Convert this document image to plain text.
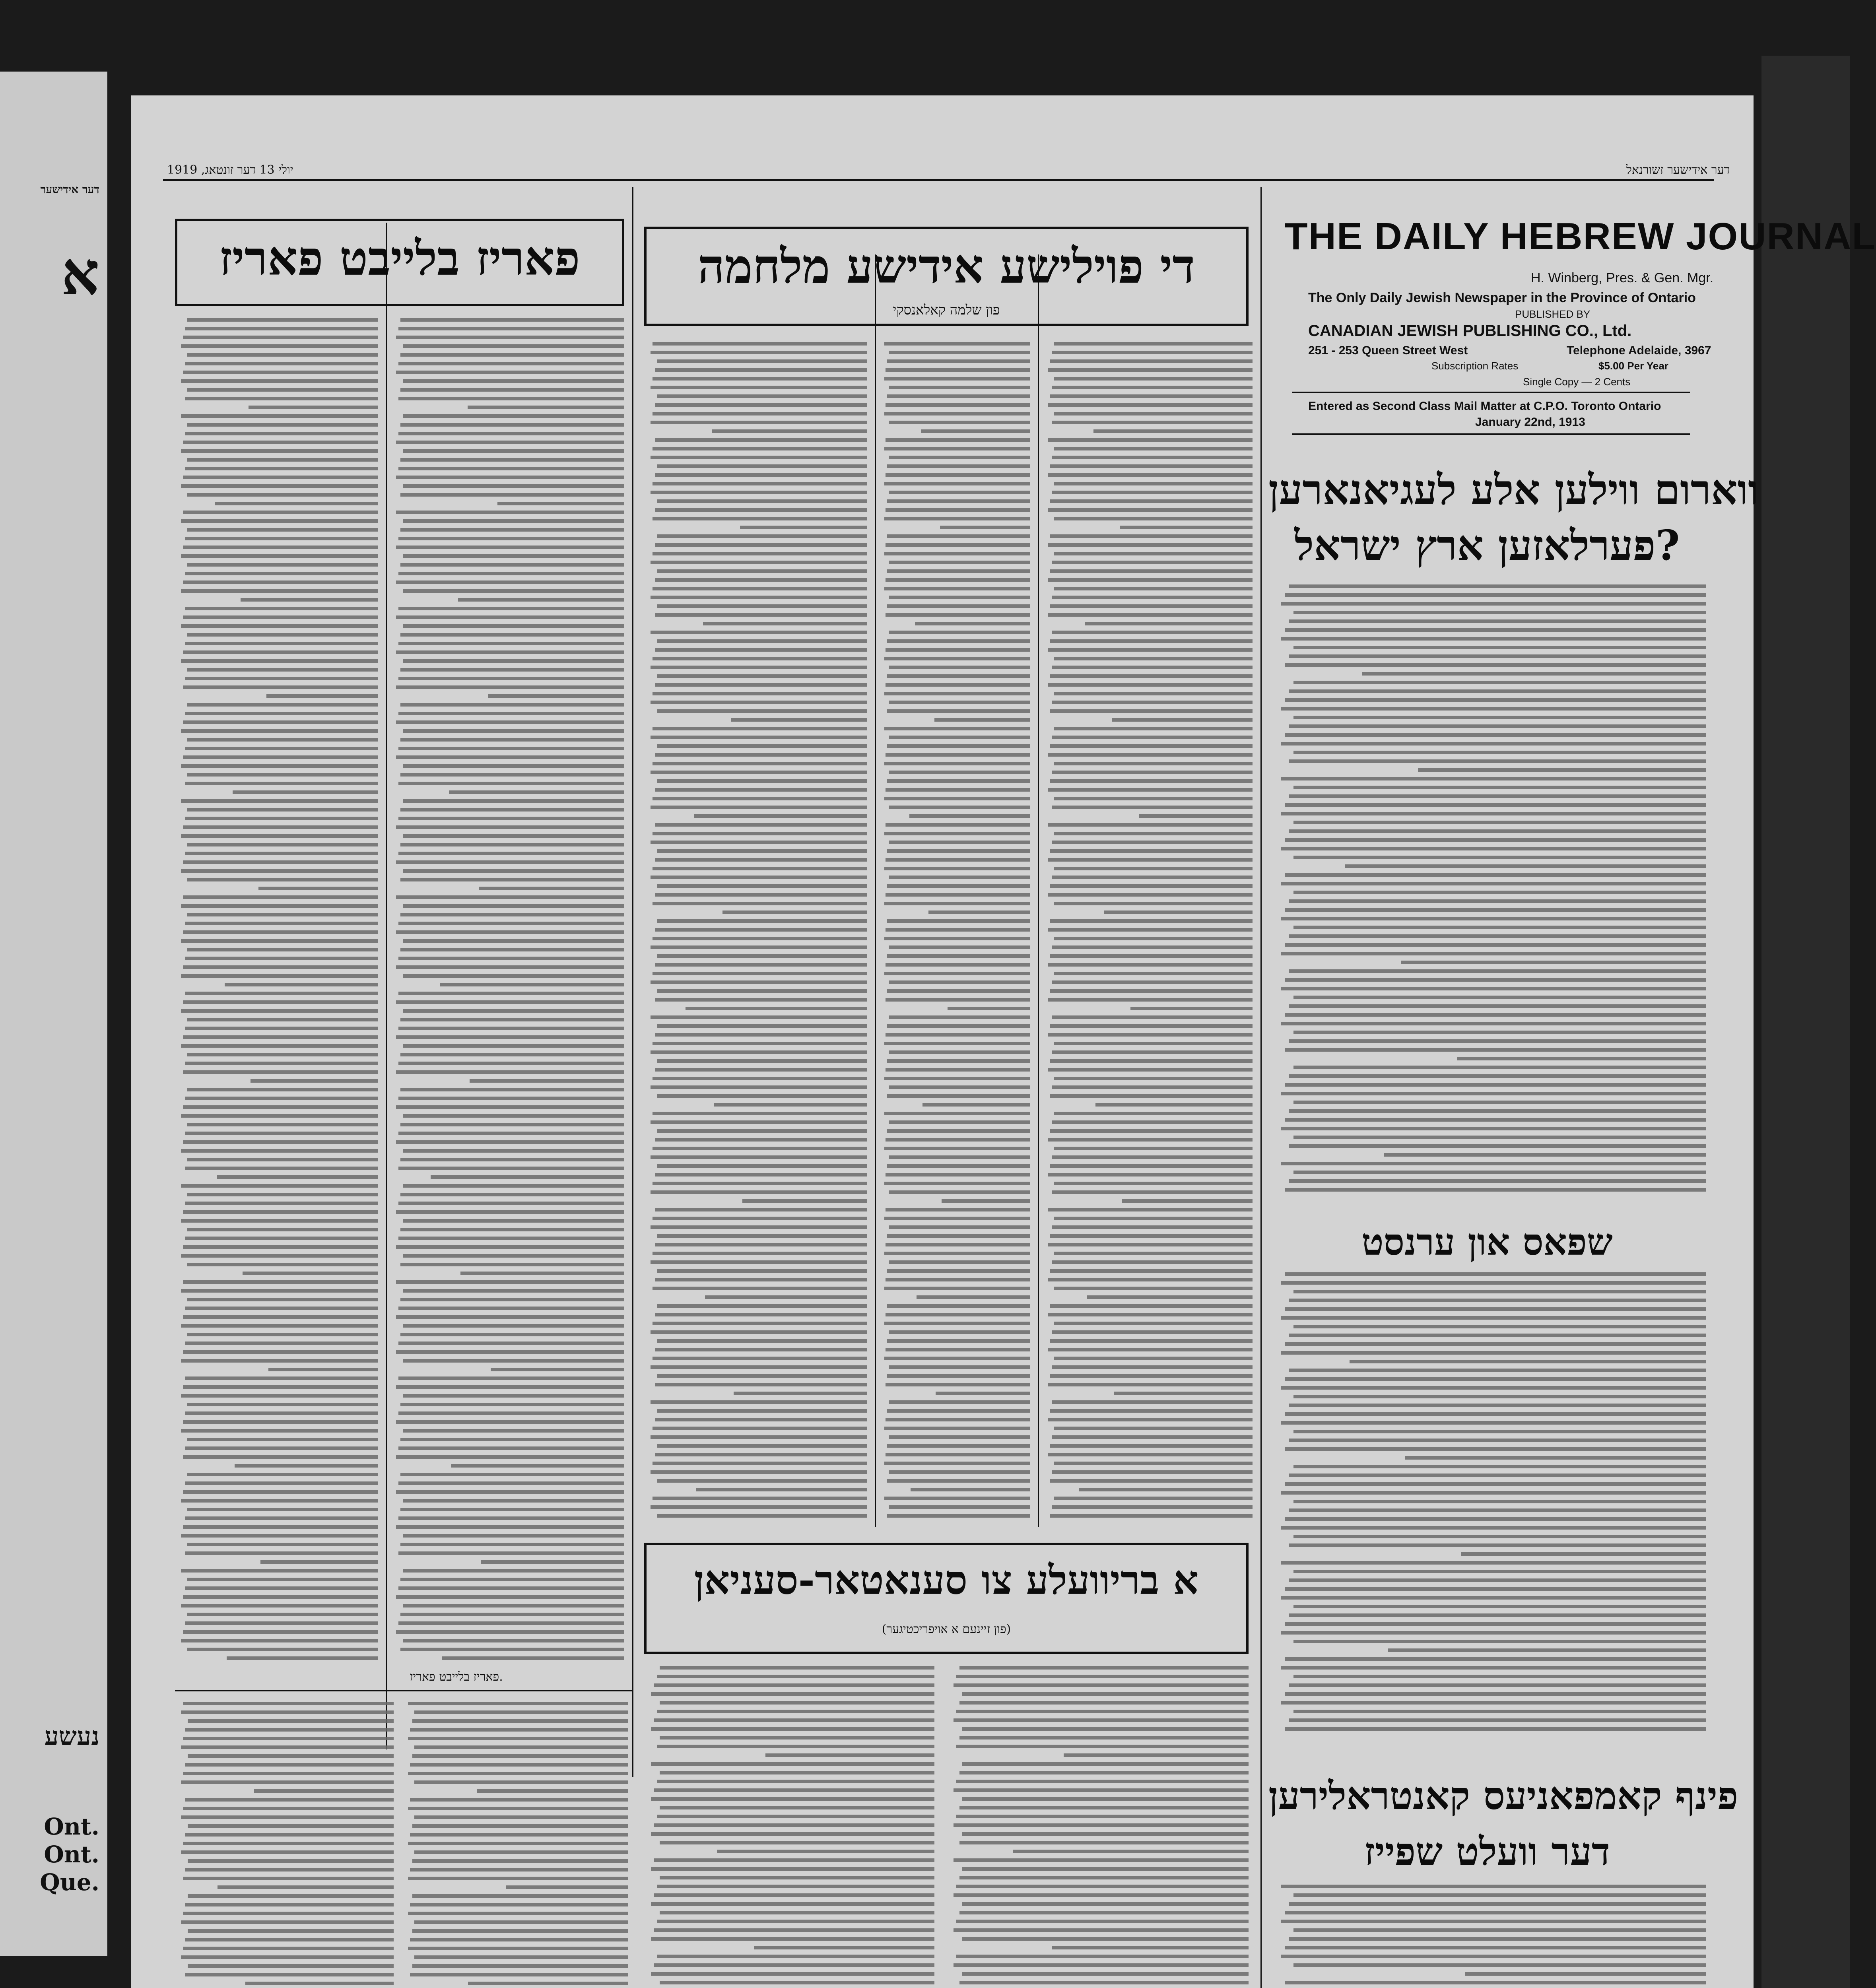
דער אידישער
א
נעשע
Ont.
Ont.
Que.
1919 ,יולי 13 דער זונטאג	דער אידישער זשורנאל
פאריז בלייבט פאריז	די פוילישע אידישע מלחמה
פון שלמה קאלאנסקי
THE DAILY HEBREW JOURNAL
H. Winberg, Pres. & Gen. Mgr.
The Only Daily Jewish Newspaper in the Province of Ontario
PUBLISHED BY
CANADIAN JEWISH PUBLISHING CO., Ltd.
251 - 253 Queen Street West	Telephone Adelaide, 3967
Subscription Rates	$5.00 Per Year
Single Copy — 2 Cents
Entered as Second Class Mail Matter at C.P.O. Toronto Ontario
January 22nd, 1913
ווארום ווילען אלע לעגיאנארען
פערלאזען ארץ ישראל?
שפאס און ערנסט
פינף קאמפאניעס קאנטראלירען
דער וועלט שפייז
א בריוועלע צו סענאטאר-סעניאן
(פון זיינעם א אויפריכטיגער)
פאריז בלייבט פאריז.
